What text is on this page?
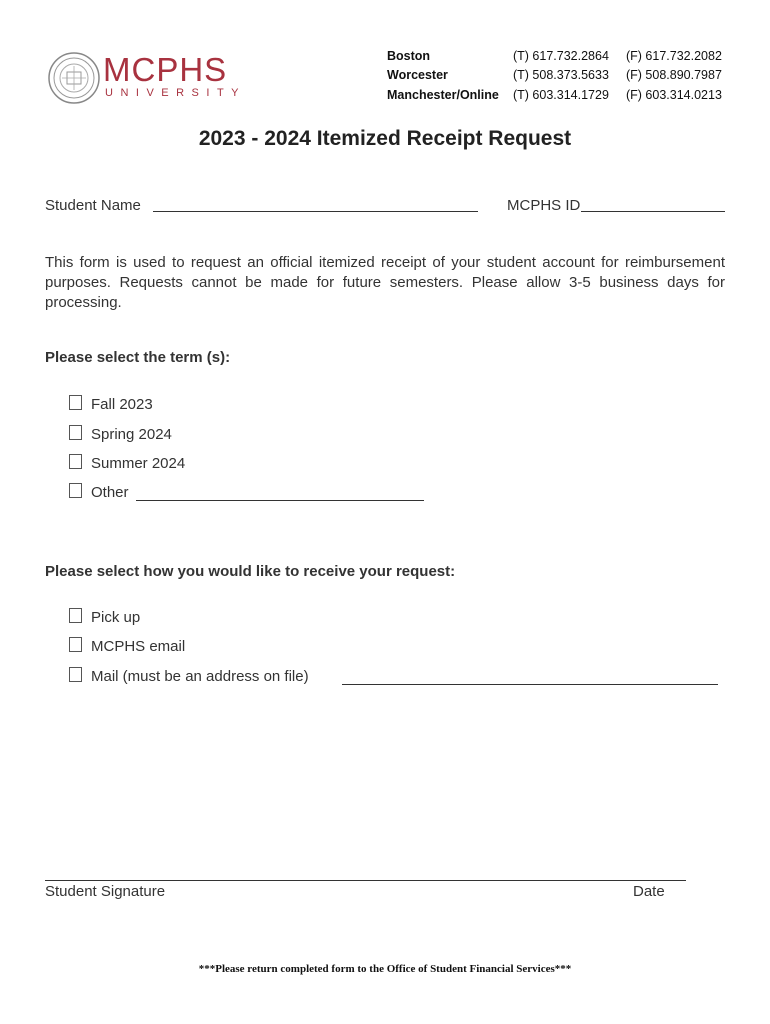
MCPHS
UNIVERSITY
Boston	(T) 617.732.2864 (F) 617.732.2082
Worcester	(T) 508.373.5633 (F) 508.890.7987
Manchester/Online (T) 603.314.1729 (F) 603.314.0213
2023 - 2024 Itemized Receipt Request
Student Name	MCPHS ID
This form is used to request an official itemized receipt of your student account for reimbursement purposes. Requests cannot be made for future semesters. Please allow 3-5 business days for processing.
Please select the term (s):
Fall 2023
Spring 2024
Summer 2024
Other
Please select how you would like to receive your request:
Pick up
MCPHS email
Mail (must be an address on file)
Student Signature	Date
***Please return completed form to the Office of Student Financial Services***
